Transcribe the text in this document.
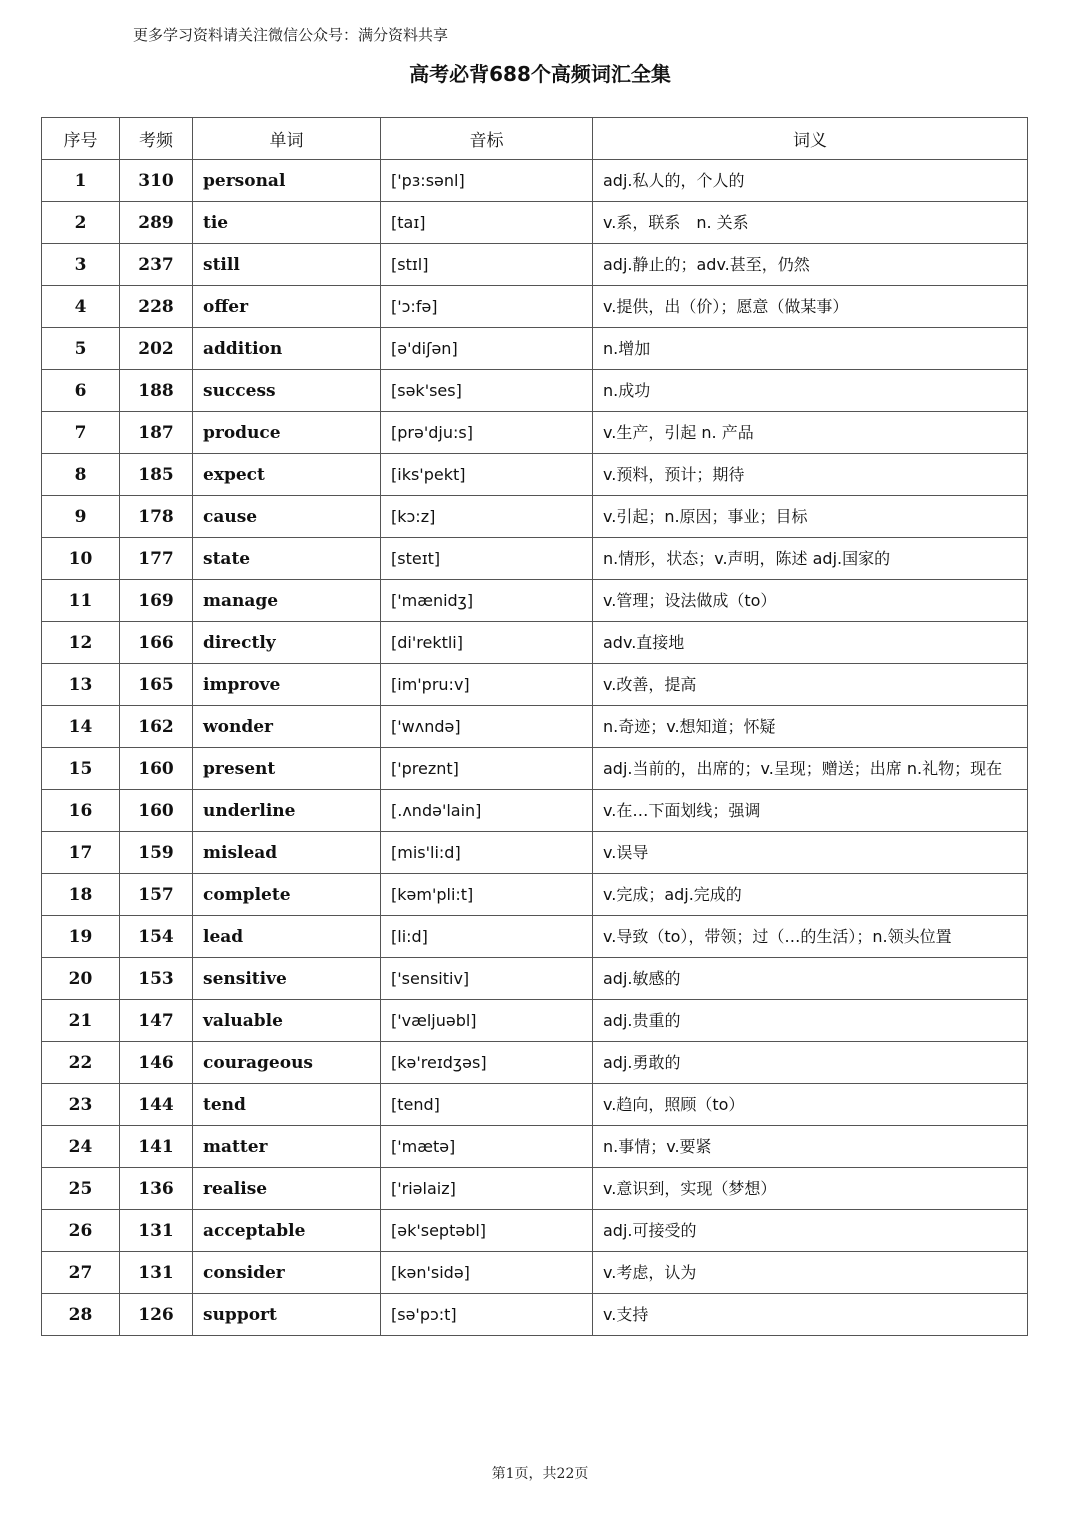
更多学习资料请关注微信公众号：满分资料共享
高考必背688个高频词汇全集
序号	考频	单词	音标	词义
1	310	personal	['pɜ:sənl]	adj.私人的，个人的
2	289	tie	[taɪ]	v.系，联系　n. 关系
3	237	still	[stɪl]	adj.静止的；adv.甚至，仍然
4	228	offer	['ɔ:fə]	v.提供，出（价）；愿意（做某事）
5	202	addition	[ə'diʃən]	n.增加
6	188	success	[sək'ses]	n.成功
7	187	produce	[prə'dju:s]	v.生产，引起 n. 产品
8	185	expect	[iks'pekt]	v.预料，预计；期待
9	178	cause	[kɔ:z]	v.引起；n.原因；事业；目标
10	177	state	[steɪt]	n.情形，状态；v.声明，陈述 adj.国家的
11	169	manage	['mænidʒ]	v.管理；设法做成（to）
12	166	directly	[di'rektli]	adv.直接地
13	165	improve	[im'pru:v]	v.改善，提高
14	162	wonder	['wʌndə]	n.奇迹；v.想知道；怀疑
15	160	present	['preznt]	adj.当前的，出席的；v.呈现；赠送；出席 n.礼物；现在
16	160	underline	[.ʌndə'lain]	v.在…下面划线；强调
17	159	mislead	[mis'li:d]	v.误导
18	157	complete	[kəm'pli:t]	v.完成；adj.完成的
19	154	lead	[li:d]	v.导致（to），带领；过（…的生活）；n.领头位置
20	153	sensitive	['sensitiv]	adj.敏感的
21	147	valuable	['væljuəbl]	adj.贵重的
22	146	courageous	[kə'reɪdʒəs]	adj.勇敢的
23	144	tend	[tend]	v.趋向，照顾（to）
24	141	matter	['mætə]	n.事情；v.要紧
25	136	realise	['riəlaiz]	v.意识到，实现（梦想）
26	131	acceptable	[ək'septəbl]	adj.可接受的
27	131	consider	[kən'sidə]	v.考虑，认为
28	126	support	[sə'pɔ:t]	v.支持
第1页，共22页
